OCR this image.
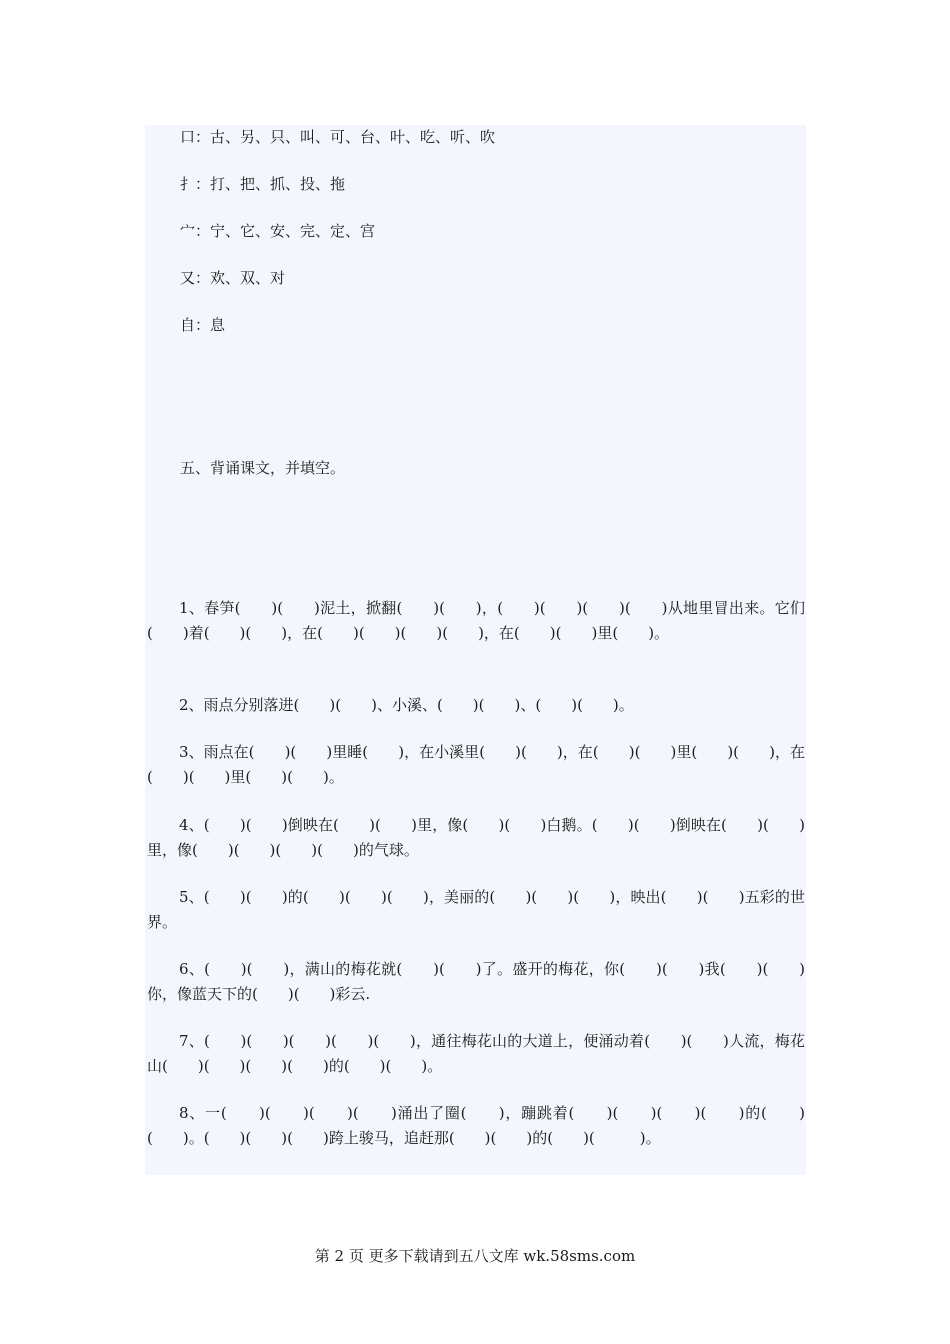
口：古、另、只、叫、可、台、叶、吃、听、吹
扌：打、把、抓、投、拖
宀：宁、它、安、完、定、宫
又：欢、双、对
自：息
五、背诵课文，并填空。
1、春笋(　　)(　　)泥土，掀翻(　　)(　　)，(　　)(　　)(　　)(　　)从地里冒出来。它们(　　)着(　　)(　　)，在(　　)(　　)(　　)(　　)，在(　　)(　　)里(　　)。
2、雨点分别落进(　　)(　　)、小溪、(　　)(　　)、(　　)(　　)。
3、雨点在(　　)(　　)里睡(　　)，在小溪里(　　)(　　)，在(　　)(　　)里(　　)(　　)，在(　　)(　　)里(　　)(　　)。
4、(　　)(　　)倒映在(　　)(　　)里，像(　　)(　　)白鹅。(　　)(　　)倒映在(　　)(　　)里，像(　　)(　　)(　　)(　　)的气球。
5、(　　)(　　)的(　　)(　　)(　　)，美丽的(　　)(　　)(　　)，映出(　　)(　　)五彩的世界。
6、(　　)(　　)，满山的梅花就(　　)(　　)了。盛开的梅花，你(　　)(　　)我(　　)(　　)你，像蓝天下的(　　)(　　)彩云.
7、(　　)(　　)(　　)(　　)(　　)，通往梅花山的大道上，便涌动着(　　)(　　)人流，梅花山(　　)(　　)(　　)(　　)的(　　)(　　)。
8、一(　　)(　　)(　　)(　　)涌出了圈(　　)，蹦跳着(　　)(　　)(　　)(　　)的(　　)(　　)。(　　)(　　)(　　)跨上骏马，追赶那(　　)(　　)的(　　)(　　　)。
第 2 页 更多下载请到五八文库 wk.58sms.com
